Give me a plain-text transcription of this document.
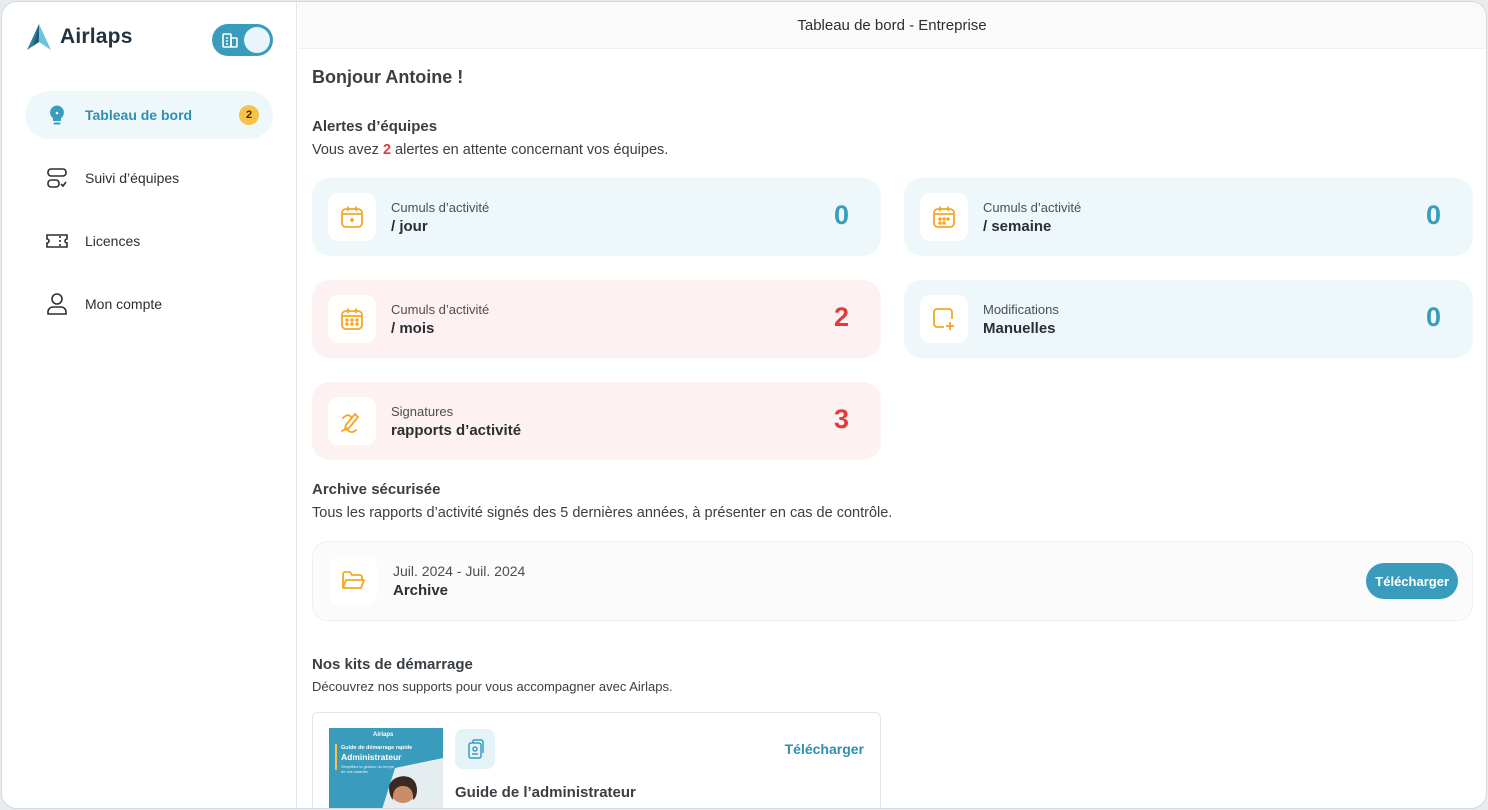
Airlaps
Tableau de bord	2
Suivi d’équipes
Licences
Mon compte
Tableau de bord - Entreprise
Bonjour Antoine !
Alertes d’équipes

Vous avez 2 alertes en attente concernant vos équipes.

Cumuls d’activité
/ jour	0	Cumuls d’activité
/ semaine	0
Cumuls d’activité
/ mois	2	Modifications
Manuelles	0
Signatures
rapports d’activité	3
Archive sécurisée

Tous les rapports d’activité signés des 5 dernières années, à présenter en cas de contrôle.

Juil. 2024 - Juil. 2024
Archive
Télécharger
Nos kits de démarrage

Découvrez nos supports pour vous accompagner avec Airlaps.

Airlaps
Guide de démarrage rapide
Administrateur
Simplifiez la gestion du temps de vos salariés.
Guide de l’administrateur
Télécharger
